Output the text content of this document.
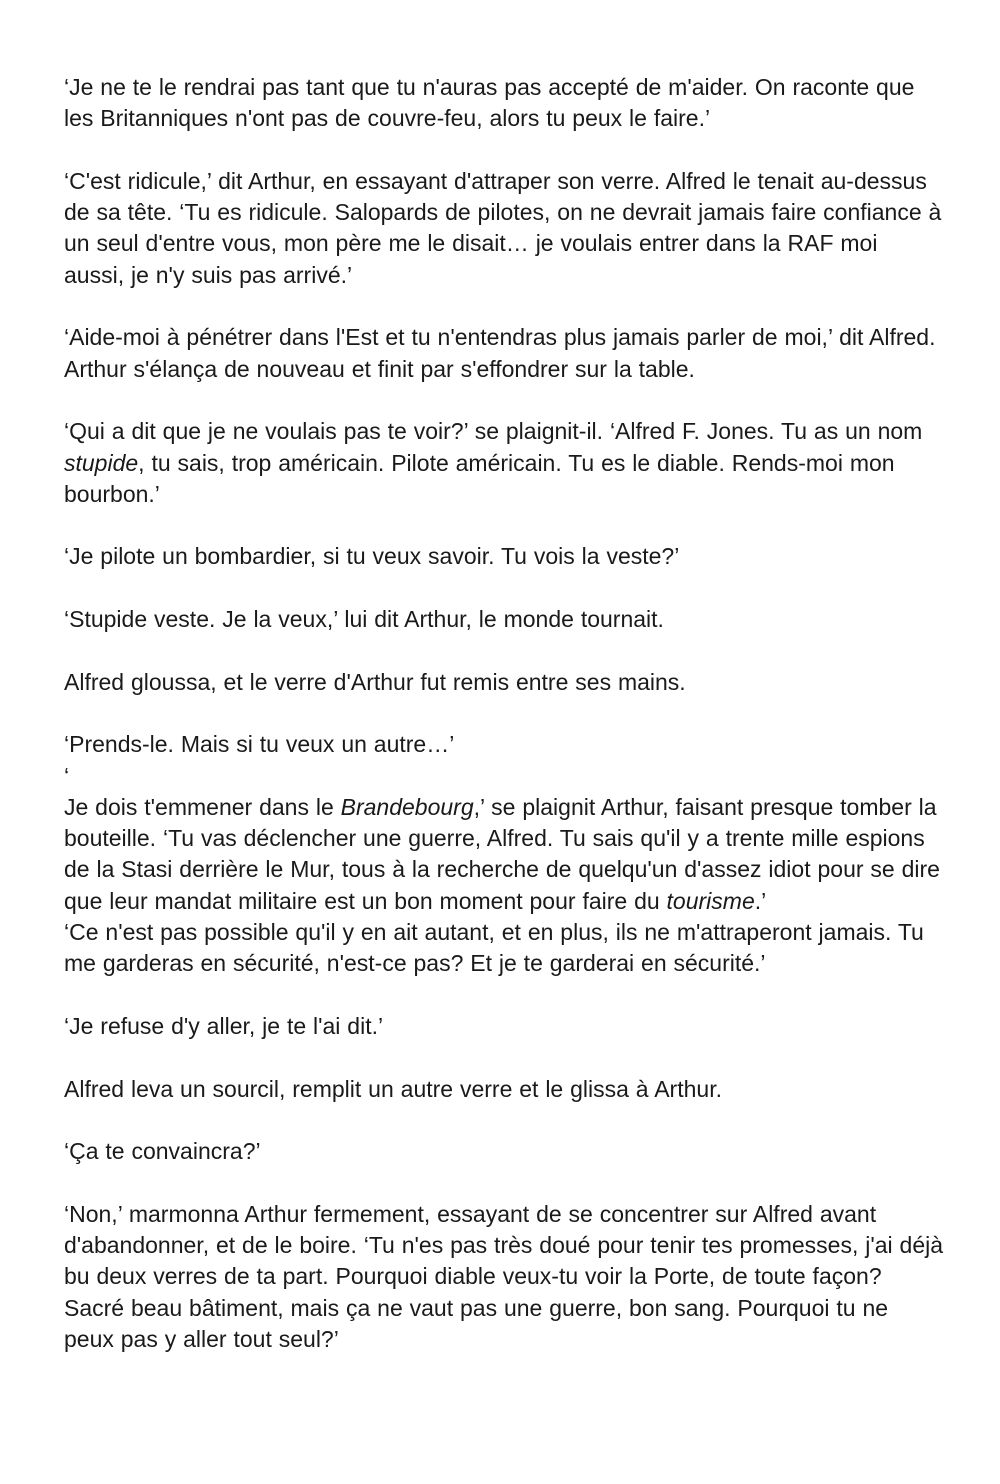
‘Je ne te le rendrai pas tant que tu n'auras pas accepté de m'aider. On raconte que les Britanniques n'ont pas de couvre-feu, alors tu peux le faire.’

‘C'est ridicule,’ dit Arthur, en essayant d'attraper son verre. Alfred le tenait au-dessus de sa tête. ‘Tu es ridicule. Salopards de pilotes, on ne devrait jamais faire confiance à un seul d'entre vous, mon père me le disait… je voulais entrer dans la RAF moi aussi, je n'y suis pas arrivé.’

‘Aide-moi à pénétrer dans l'Est et tu n'entendras plus jamais parler de moi,’ dit Alfred. Arthur s'élança de nouveau et finit par s'effondrer sur la table.

‘Qui a dit que je ne voulais pas te voir?’ se plaignit-il. ‘Alfred F. Jones. Tu as un nom stupide, tu sais, trop américain. Pilote américain. Tu es le diable. Rends-moi mon bourbon.’

‘Je pilote un bombardier, si tu veux savoir. Tu vois la veste?’

‘Stupide veste. Je la veux,’ lui dit Arthur, le monde tournait.

Alfred gloussa, et le verre d'Arthur fut remis entre ses mains.

‘Prends-le. Mais si tu veux un autre…’

‘

Je dois t'emmener dans le Brandebourg,’ se plaignit Arthur, faisant presque tomber la bouteille. ‘Tu vas déclencher une guerre, Alfred. Tu sais qu'il y a trente mille espions de la Stasi derrière le Mur, tous à la recherche de quelqu'un d'assez idiot pour se dire que leur mandat militaire est un bon moment pour faire du tourisme.’

‘Ce n'est pas possible qu'il y en ait autant, et en plus, ils ne m'attraperont jamais. Tu me garderas en sécurité, n'est-ce pas? Et je te garderai en sécurité.’

‘Je refuse d'y aller, je te l'ai dit.’

Alfred leva un sourcil, remplit un autre verre et le glissa à Arthur.

‘Ça te convaincra?’

‘Non,’ marmonna Arthur fermement, essayant de se concentrer sur Alfred avant d'abandonner, et de le boire. ‘Tu n'es pas très doué pour tenir tes promesses, j'ai déjà bu deux verres de ta part. Pourquoi diable veux-tu voir la Porte, de toute façon? Sacré beau bâtiment, mais ça ne vaut pas une guerre, bon sang. Pourquoi tu ne peux pas y aller tout seul?’
